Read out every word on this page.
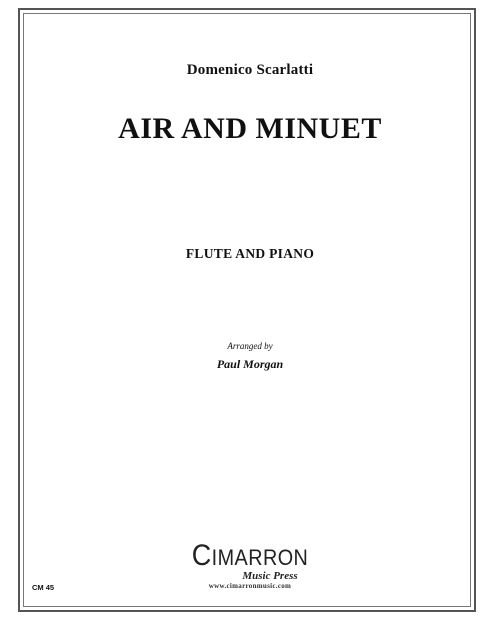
Domenico Scarlatti
AIR AND MINUET
FLUTE AND PIANO
Arranged by
Paul Morgan
CIMARRON
Music Press
www.cimarronmusic.com
CM 45
